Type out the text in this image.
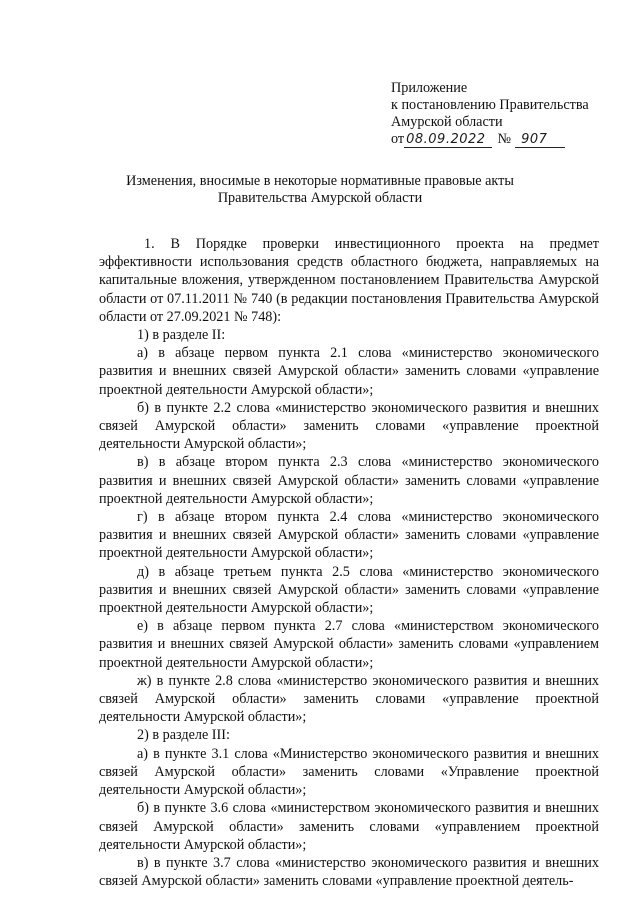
Приложение
к постановлению Правительства
Амурской области
от 08.09.2022 № 907
Изменения, вносимые в некоторые нормативные правовые акты
Правительства Амурской области

1. В Порядке проверки инвестиционного проекта на предмет эффективности использования средств областного бюджета, направляемых на капитальные вложения, утвержденном постановлением Правительства Амурской области от 07.11.2011 № 740 (в редакции постановления Правительства Амурской области от 27.09.2021 № 748):

1) в разделе II:

а) в абзаце первом пункта 2.1 слова «министерство экономического развития и внешних связей Амурской области» заменить словами «управление проектной деятельности Амурской области»;

б) в пункте 2.2 слова «министерство экономического развития и внешних связей Амурской области» заменить словами «управление проектной деятельности Амурской области»;

в) в абзаце втором пункта 2.3 слова «министерство экономического развития и внешних связей Амурской области» заменить словами «управление проектной деятельности Амурской области»;

г) в абзаце втором пункта 2.4 слова «министерство экономического развития и внешних связей Амурской области» заменить словами «управление проектной деятельности Амурской области»;

д) в абзаце третьем пункта 2.5 слова «министерство экономического развития и внешних связей Амурской области» заменить словами «управление проектной деятельности Амурской области»;

е) в абзаце первом пункта 2.7 слова «министерством экономического развития и внешних связей Амурской области» заменить словами «управлением проектной деятельности Амурской области»;

ж) в пункте 2.8 слова «министерство экономического развития и внешних связей Амурской области» заменить словами «управление проектной деятельности Амурской области»;

2) в разделе III:

а) в пункте 3.1 слова «Министерство экономического развития и внешних связей Амурской области» заменить словами «Управление проектной деятельности Амурской области»;

б) в пункте 3.6 слова «министерством экономического развития и внешних связей Амурской области» заменить словами «управлением проектной деятельности Амурской области»;

в) в пункте 3.7 слова «министерство экономического развития и внешних связей Амурской области» заменить словами «управление проектной деятель-
